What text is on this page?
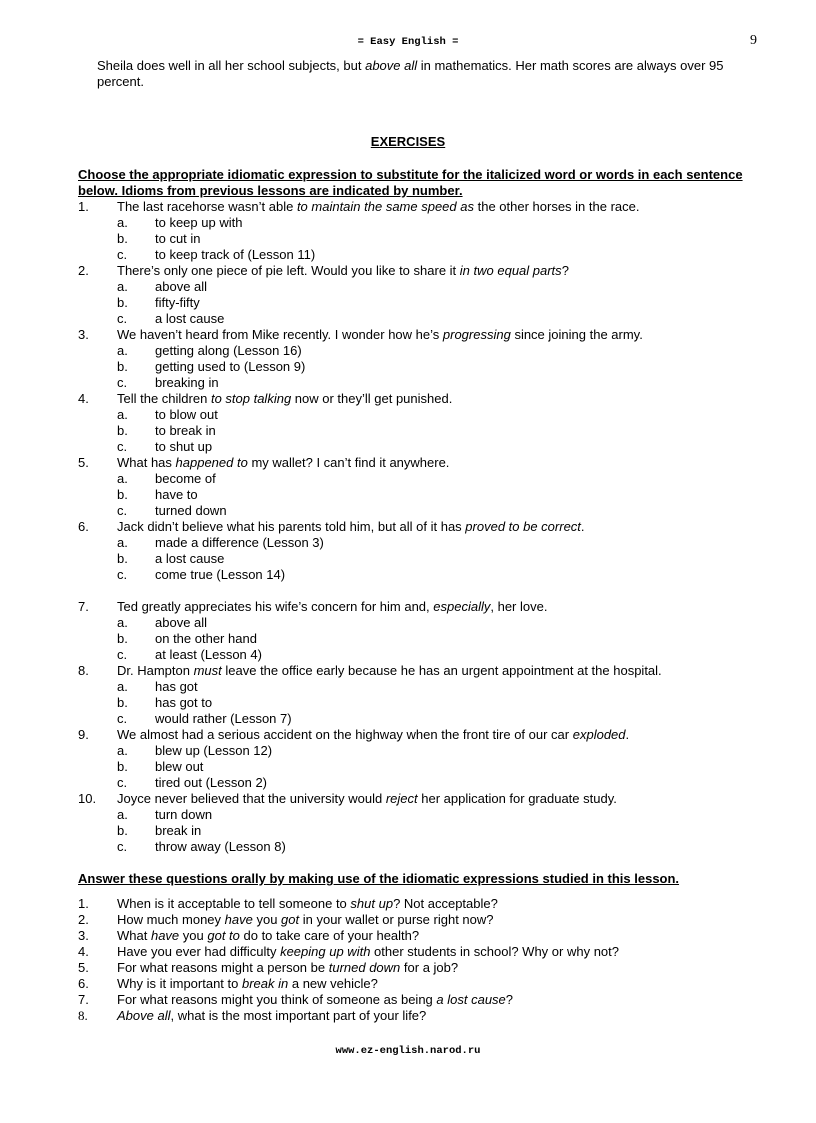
= Easy English =	9
Sheila does well in all her school subjects, but above all in mathematics. Her math scores are always over 95 percent.
EXERCISES
Choose the appropriate idiomatic expression to substitute for the italicized word or words in each sentence below. Idioms from previous lessons are indicated by number.
1. The last racehorse wasn’t able to maintain the same speed as the other horses in the race.
a. to keep up with
b. to cut in
c. to keep track of (Lesson 11)
2. There’s only one piece of pie left. Would you like to share it in two equal parts?
a. above all
b. fifty-fifty
c. a lost cause
3. We haven’t heard from Mike recently. I wonder how he’s progressing since joining the army.
a. getting along (Lesson 16)
b. getting used to (Lesson 9)
c. breaking in
4. Tell the children to stop talking now or they’ll get punished.
a. to blow out
b. to break in
c. to shut up
5. What has happened to my wallet? I can’t find it anywhere.
a. become of
b. have to
c. turned down
6. Jack didn’t believe what his parents told him, but all of it has proved to be correct.
a. made a difference (Lesson 3)
b. a lost cause
c. come true (Lesson 14)
7. Ted greatly appreciates his wife’s concern for him and, especially, her love.
a. above all
b. on the other hand
c. at least (Lesson 4)
8. Dr. Hampton must leave the office early because he has an urgent appointment at the hospital.
a. has got
b. has got to
c. would rather (Lesson 7)
9. We almost had a serious accident on the highway when the front tire of our car exploded.
a. blew up (Lesson 12)
b. blew out
c. tired out (Lesson 2)
10. Joyce never believed that the university would reject her application for graduate study.
a. turn down
b. break in
c. throw away (Lesson 8)
Answer these questions orally by making use of the idiomatic expressions studied in this lesson.
1. When is it acceptable to tell someone to shut up? Not acceptable?
2. How much money have you got in your wallet or purse right now?
3. What have you got to do to take care of your health?
4. Have you ever had difficulty keeping up with other students in school? Why or why not?
5. For what reasons might a person be turned down for a job?
6. Why is it important to break in a new vehicle?
7. For what reasons might you think of someone as being a lost cause?
8. Above all, what is the most important part of your life?
www.ez-english.narod.ru
